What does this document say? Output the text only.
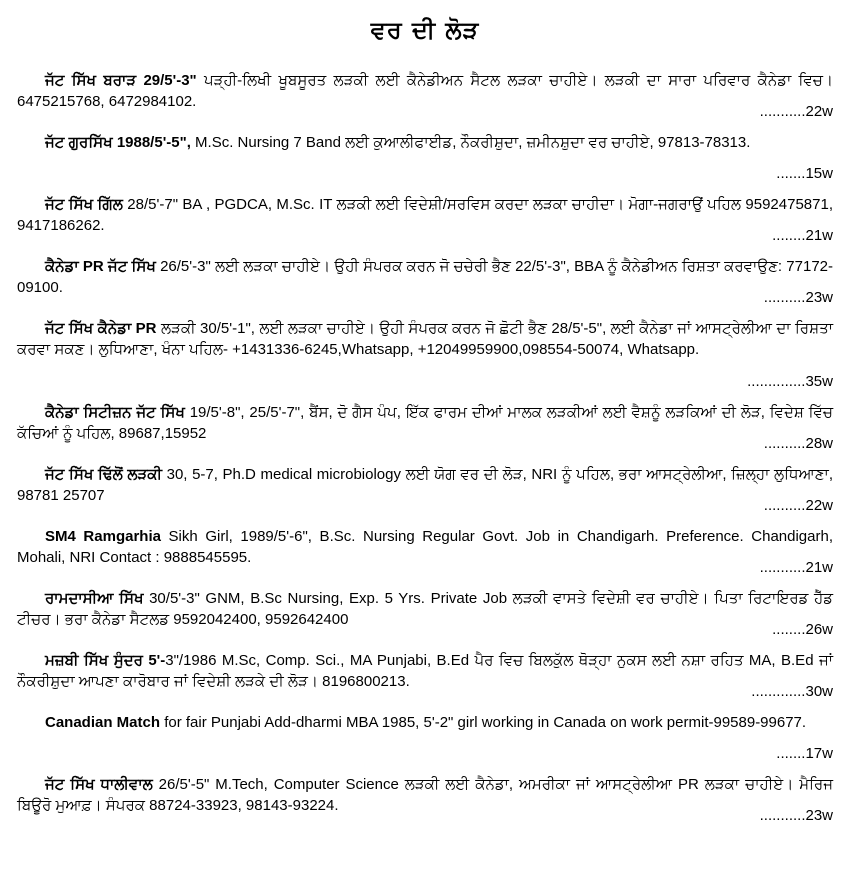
ਵਰ ਦੀ ਲੋੜ

ਜੱਟ ਸਿੱਖ ਬਰਾੜ 29/5'-3" ਪੜ੍ਹੀ-ਲਿਖੀ ਖੂਬਸੂਰਤ ਲੜਕੀ ਲਈ ਕੈਨੇਡੀਅਨ ਸੈਟਲ ਲੜਕਾ ਚਾਹੀਏ। ਲੜਕੀ ਦਾ ਸਾਰਾ ਪਰਿਵਾਰ ਕੈਨੇਡਾ ਵਿਚ। 6475215768, 6472984102.

...........22w

ਜੱਟ ਗੁਰਸਿੱਖ 1988/5'-5", M.Sc. Nursing 7 Band ਲਈ ਕੁਆਲੀਫਾਈਡ, ਨੌਕਰੀਸ਼ੁਦਾ, ਜ਼ਮੀਨਸ਼ੁਦਾ ਵਰ ਚਾਹੀਏ, 97813-78313.

.......15w

ਜੱਟ ਸਿੱਖ ਗਿੱਲ 28/5'-7" BA , PGDCA, M.Sc. IT ਲੜਕੀ ਲਈ ਵਿਦੇਸ਼ੀ/ਸਰਵਿਸ ਕਰਦਾ ਲੜਕਾ ਚਾਹੀਦਾ। ਮੋਗਾ-ਜਗਰਾਉਂ ਪਹਿਲ 9592475871, 9417186262.

........21w

ਕੈਨੇਡਾ PR ਜੱਟ ਸਿੱਖ 26/5'-3" ਲਈ ਲੜਕਾ ਚਾਹੀਏ। ਉਹੀ ਸੰਪਰਕ ਕਰਨ ਜੋ ਚਚੇਰੀ ਭੈਣ 22/5'-3", BBA ਨੂੰ ਕੈਨੇਡੀਅਨ ਰਿਸ਼ਤਾ ਕਰਵਾਉਣ: 77172-09100.

..........23w

ਜੱਟ ਸਿੱਖ ਕੈਨੇਡਾ PR ਲੜਕੀ 30/5'-1", ਲਈ ਲੜਕਾ ਚਾਹੀਏ। ਉਹੀ ਸੰਪਰਕ ਕਰਨ ਜੋ ਛੋਟੀ ਭੈਣ 28/5'-5", ਲਈ ਕੈਨੇਡਾ ਜਾਂ ਆਸਟ੍ਰੇਲੀਆ ਦਾ ਰਿਸ਼ਤਾ ਕਰਵਾ ਸਕਣ। ਲੁਧਿਆਣਾ, ਖੰਨਾ ਪਹਿਲ- +1431336-6245,Whatsapp, +12049959900,098554-50074, Whatsapp.

..............35w

ਕੈਨੇਡਾ ਸਿਟੀਜ਼ਨ ਜੱਟ ਸਿੱਖ 19/5'-8", 25/5'-7", ਬੈਂਸ, ਦੋ ਗੈਸ ਪੰਪ, ਇੱਕ ਫਾਰਮ ਦੀਆਂ ਮਾਲਕ ਲੜਕੀਆਂ ਲਈ ਵੈਸ਼ਨੂੰ ਲੜਕਿਆਂ ਦੀ ਲੋੜ, ਵਿਦੇਸ਼ ਵਿੱਚ ਕੱਚਿਆਂ ਨੂੰ ਪਹਿਲ, 89687,15952

..........28w

ਜੱਟ ਸਿੱਖ ਢਿੱਲੋਂ ਲੜਕੀ 30, 5-7, Ph.D medical microbiology ਲਈ ਯੋਗ ਵਰ ਦੀ ਲੋੜ, NRI ਨੂੰ ਪਹਿਲ, ਭਰਾ ਆਸਟ੍ਰੇਲੀਆ, ਜ਼ਿਲ੍ਹਾ ਲੁਧਿਆਣਾ, 98781 25707

..........22w

SM4 Ramgarhia Sikh Girl, 1989/5'-6", B.Sc. Nursing Regular Govt. Job in Chandigarh. Preference. Chandigarh, Mohali, NRI Contact : 9888545595.

...........21w

ਰਾਮਦਾਸੀਆ ਸਿੱਖ 30/5'-3" GNM, B.Sc Nursing, Exp. 5 Yrs. Private Job ਲੜਕੀ ਵਾਸਤੇ ਵਿਦੇਸ਼ੀ ਵਰ ਚਾਹੀਏ। ਪਿਤਾ ਰਿਟਾਇਰਡ ਹੈੱਡ ਟੀਚਰ। ਭਰਾ ਕੈਨੇਡਾ ਸੈਟਲਡ 9592042400, 9592642400

........26w

ਮਜ਼ਬੀ ਸਿੱਖ ਸੁੰਦਰ 5'-3"/1986 M.Sc, Comp. Sci., MA Punjabi, B.Ed ਪੈਰ ਵਿਚ ਬਿਲਕੁੱਲ ਥੋੜ੍ਹਾ ਨੁਕਸ ਲਈ ਨਸ਼ਾ ਰਹਿਤ MA, B.Ed ਜਾਂ ਨੌਕਰੀਸ਼ੁਦਾ ਆਪਣਾ ਕਾਰੋਬਾਰ ਜਾਂ ਵਿਦੇਸ਼ੀ ਲੜਕੇ ਦੀ ਲੋੜ। 8196800213.

.............30w

Canadian Match for fair Punjabi Add-dharmi MBA 1985, 5'-2" girl working in Canada on work permit-99589-99677.

.......17w

ਜੱਟ ਸਿੱਖ ਧਾਲੀਵਾਲ 26/5'-5" M.Tech, Computer Science ਲੜਕੀ ਲਈ ਕੈਨੇਡਾ, ਅਮਰੀਕਾ ਜਾਂ ਆਸਟ੍ਰੇਲੀਆ PR ਲੜਕਾ ਚਾਹੀਏ। ਮੈਰਿਜ ਬਿਊਰੋ ਮੁਆਫ਼। ਸੰਪਰਕ 88724-33923, 98143-93224.

...........23w
